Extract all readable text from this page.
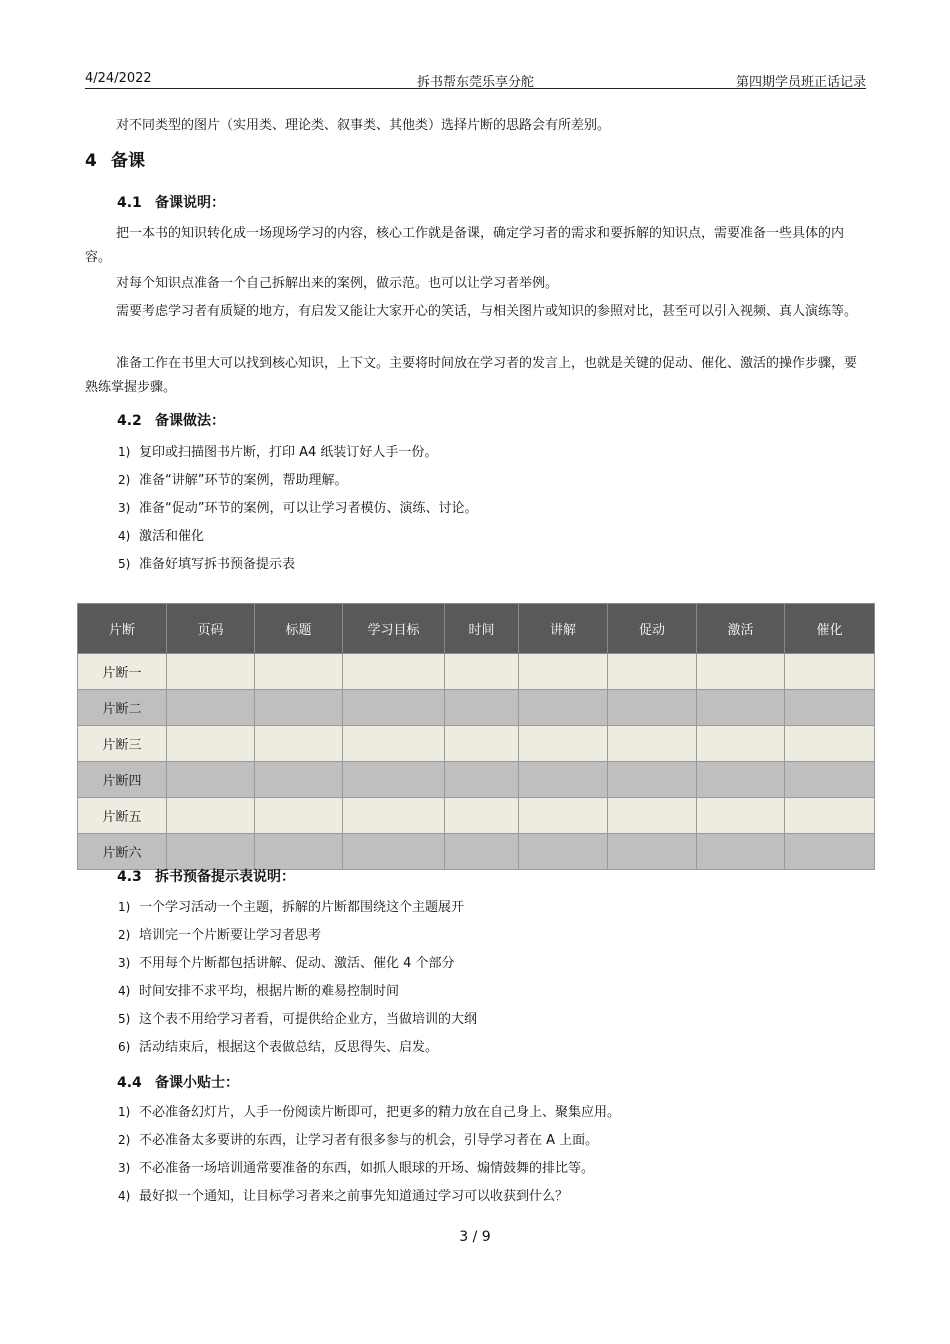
4/24/2022	拆书帮东莞乐享分舵	第四期学员班正话记录

对不同类型的图片（实用类、理论类、叙事类、其他类）选择片断的思路会有所差别。

4 备课
4.1 备课说明：

把一本书的知识转化成一场现场学习的内容，核心工作就是备课，确定学习者的需求和要拆解的知识点，需要准备一些具体的内容。

对每个知识点准备一个自己拆解出来的案例，做示范。也可以让学习者举例。

需要考虑学习者有质疑的地方，有启发又能让大家开心的笑话，与相关图片或知识的参照对比，甚至可以引入视频、真人演练等。

准备工作在书里大可以找到核心知识，上下文。主要将时间放在学习者的发言上，也就是关键的促动、催化、激活的操作步骤，要熟练掌握步骤。

4.2 备课做法：
1) 复印或扫描图书片断，打印 A4 纸装订好人手一份。
2) 准备“讲解”环节的案例，帮助理解。
3) 准备“促动”环节的案例，可以让学习者模仿、演练、讨论。
4) 激活和催化
5) 准备好填写拆书预备提示表
片断	页码	标题	学习目标	时间	讲解	促动	激活	催化
片断一								
片断二								
片断三								
片断四								
片断五								
片断六								
4.3 拆书预备提示表说明：
1) 一个学习活动一个主题，拆解的片断都围绕这个主题展开
2) 培训完一个片断要让学习者思考
3) 不用每个片断都包括讲解、促动、激活、催化 4 个部分
4) 时间安排不求平均，根据片断的难易控制时间
5) 这个表不用给学习者看，可提供给企业方，当做培训的大纲
6) 活动结束后，根据这个表做总结，反思得失、启发。
4.4 备课小贴士：
1) 不必准备幻灯片，人手一份阅读片断即可，把更多的精力放在自己身上、聚集应用。
2) 不必准备太多要讲的东西，让学习者有很多参与的机会，引导学习者在 A 上面。
3) 不必准备一场培训通常要准备的东西，如抓人眼球的开场、煽情鼓舞的排比等。
4) 最好拟一个通知，让目标学习者来之前事先知道通过学习可以收获到什么？
3 / 9
